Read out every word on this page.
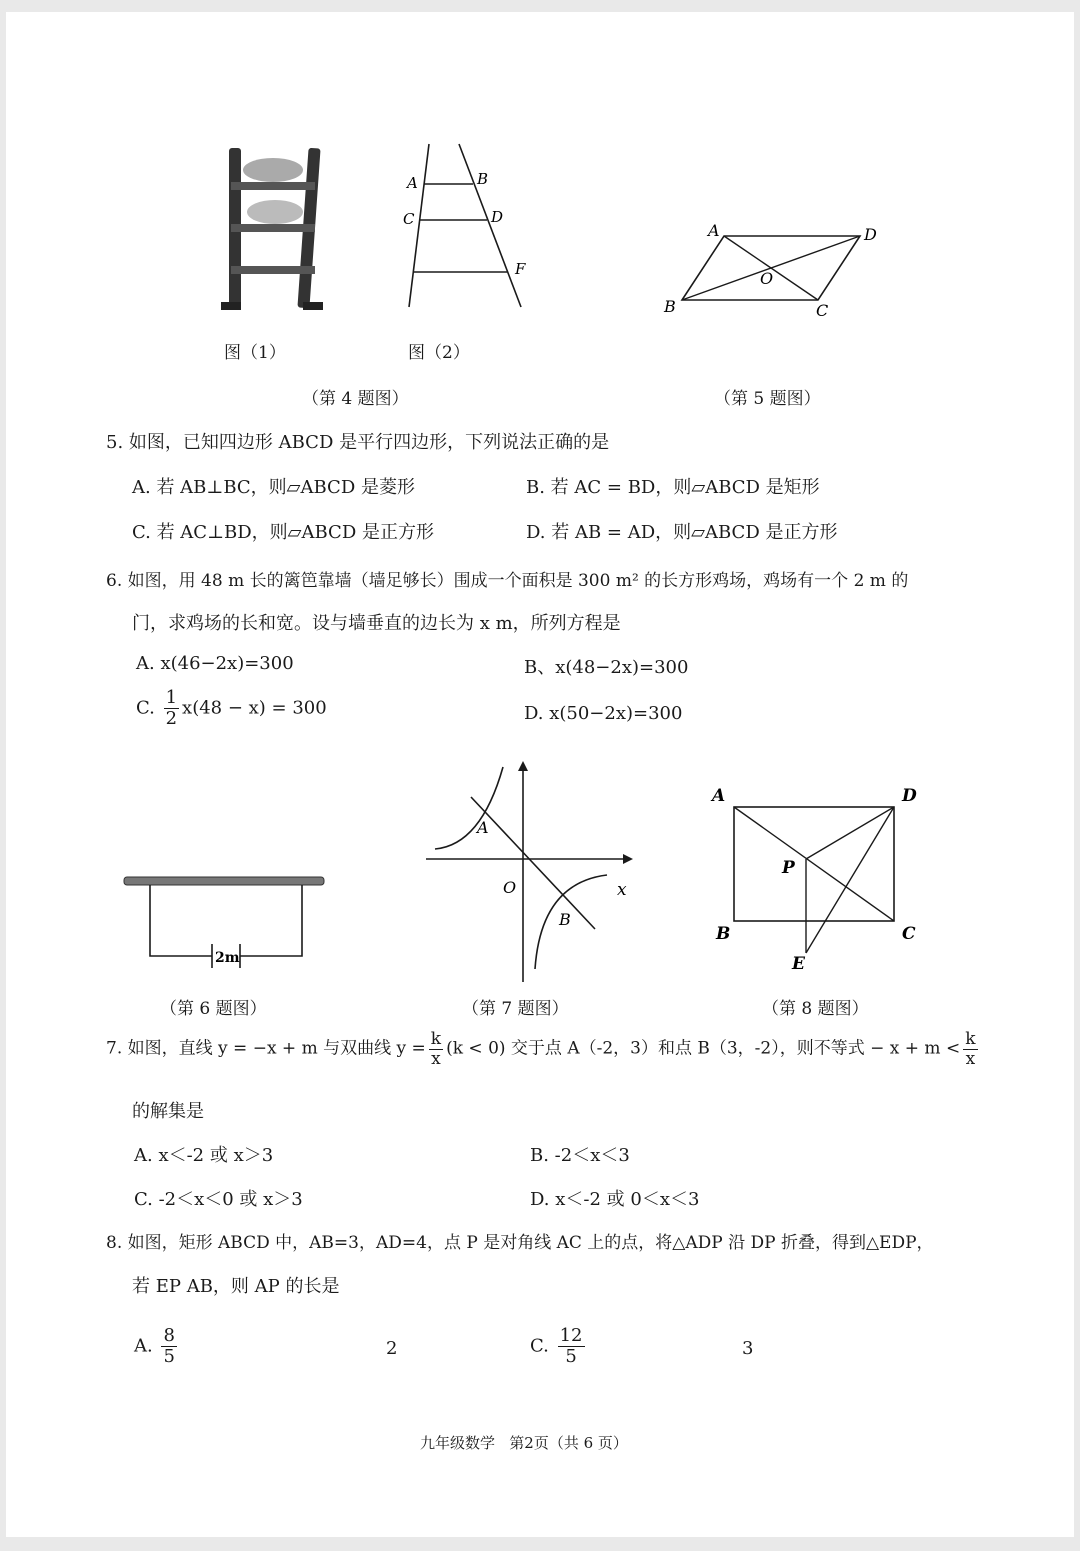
A	B
C	D
F
图（1）	图（2）
（第 4 题图）
A	D
B	C
O
（第 5 题图）
5. 如图，已知四边形 ABCD 是平行四边形，下列说法正确的是
A. 若 AB⊥BC，则▱ABCD 是菱形	B. 若 AC = BD，则▱ABCD 是矩形
C. 若 AC⊥BD，则▱ABCD 是正方形	D. 若 AB = AD，则▱ABCD 是正方形
6. 如图，用 48 m 长的篱笆靠墙（墙足够长）围成一个面积是 300 m² 的长方形鸡场，鸡场有一个 2 m 的
门，求鸡场的长和宽。设与墙垂直的边长为 x m，所列方程是
A. x(46−2x)=300	B、x(48−2x)=300
C. $\frac{1}{2} x(48 - x) = 300$	D. x(50−2x)=300
2m
（第 6 题图）
A
B
O	x
（第 7 题图）
A	D
B	C
P
E
（第 8 题图）
7. 如图，直线 y = −x + m 与双曲线 $y = \frac{k}{x} (k < 0)$ 交于点 A（-2，3）和点 B（3，-2），则不等式 − $x + m < \frac{k}{x}$
的解集是
A. x＜-2 或 x＞3	B. -2＜x＜3
C. -2＜x＜0 或 x＞3	D. x＜-2 或 0＜x＜3
8. 如图，矩形 ABCD 中，AB=3，AD=4，点 P 是对角线 AC 上的点，将△ADP 沿 DP 折叠，得到△EDP，
若 EP AB，则 AP 的长是
A. $\frac{8}{5}$	2	C. $\frac{12}{5}$	3
九年级数学   第2页（共 6 页）
